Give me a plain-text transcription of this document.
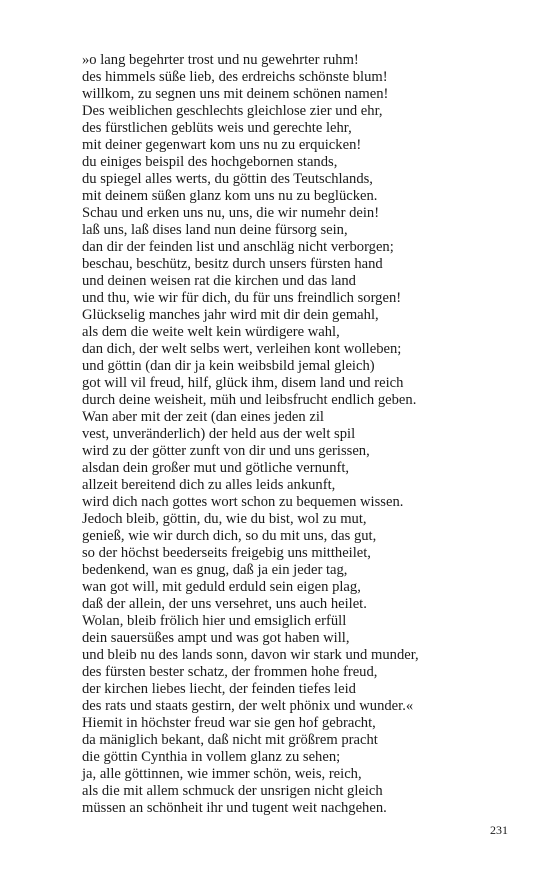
»o lang begehrter trost und nu gewehrter ruhm!
des himmels süße lieb, des erdreichs schönste blum!
willkom, zu segnen uns mit deinem schönen namen!
Des weiblichen geschlechts gleichlose zier und ehr,
des fürstlichen geblüts weis und gerechte lehr,
mit deiner gegenwart kom uns nu zu erquicken!
du einiges beispil des hochgebornen stands,
du spiegel alles werts, du göttin des Teutschlands,
mit deinem süßen glanz kom uns nu zu beglücken.
Schau und erken uns nu, uns, die wir numehr dein!
laß uns, laß dises land nun deine fürsorg sein,
dan dir der feinden list und anschläg nicht verborgen;
beschau, beschütz, besitz durch unsers fürsten hand
und deinen weisen rat die kirchen und das land
und thu, wie wir für dich, du für uns freindlich sorgen!
Glückselig manches jahr wird mit dir dein gemahl,
als dem die weite welt kein würdigere wahl,
dan dich, der welt selbs wert, verleihen kont wolleben;
und göttin (dan dir ja kein weibsbild jemal gleich)
got will vil freud, hilf, glück ihm, disem land und reich
durch deine weisheit, müh und leibsfrucht endlich geben.
Wan aber mit der zeit (dan eines jeden zil
vest, unveränderlich) der held aus der welt spil
wird zu der götter zunft von dir und uns gerissen,
alsdan dein großer mut und götliche vernunft,
allzeit bereitend dich zu alles leids ankunft,
wird dich nach gottes wort schon zu bequemen wissen.
Jedoch bleib, göttin, du, wie du bist, wol zu mut,
genieß, wie wir durch dich, so du mit uns, das gut,
so der höchst beederseits freigebig uns mittheilet,
bedenkend, wan es gnug, daß ja ein jeder tag,
wan got will, mit geduld erduld sein eigen plag,
daß der allein, der uns versehret, uns auch heilet.
Wolan, bleib frölich hier und emsiglich erfüll
dein sauersüßes ampt und was got haben will,
und bleib nu des lands sonn, davon wir stark und munder,
des fürsten bester schatz, der frommen hohe freud,
der kirchen liebes liecht, der feinden tiefes leid
des rats und staats gestirn, der welt phönix und wunder.«
Hiemit in höchster freud war sie gen hof gebracht,
da mäniglich bekant, daß nicht mit größrem pracht
die göttin Cynthia in vollem glanz zu sehen;
ja, alle göttinnen, wie immer schön, weis, reich,
als die mit allem schmuck der unsrigen nicht gleich
müssen an schönheit ihr und tugent weit nachgehen.
231
